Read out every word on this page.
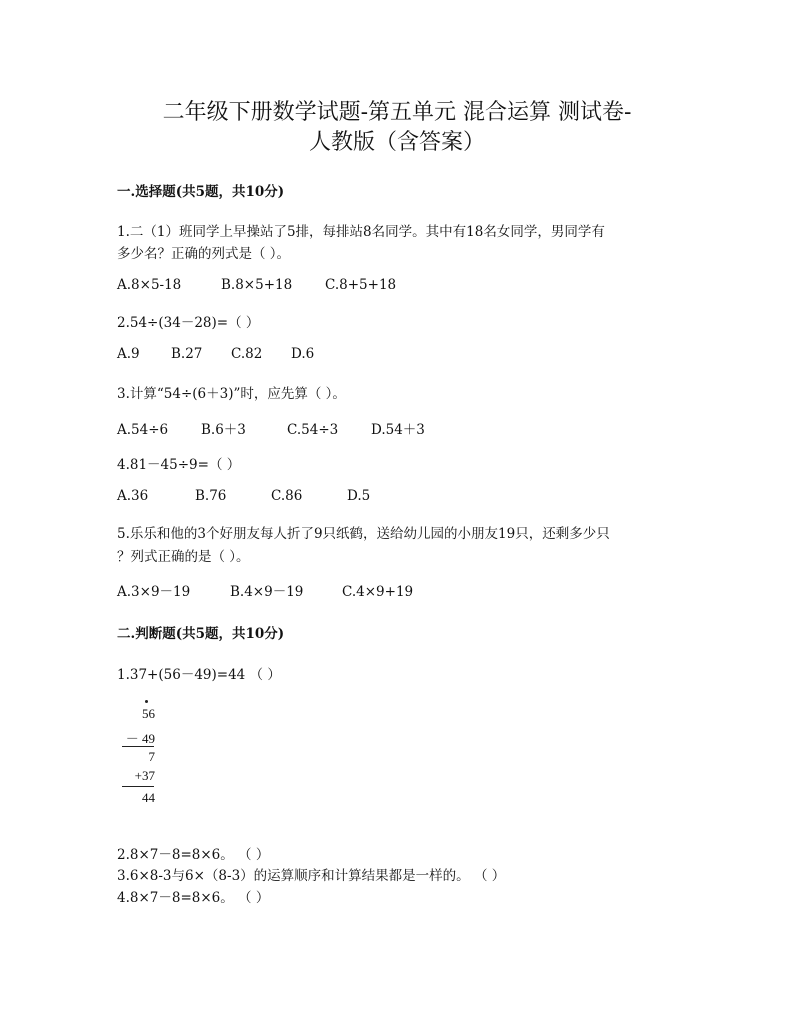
二年级下册数学试题-第五单元 混合运算 测试卷-
人教版（含答案）
一.选择题(共5题，共10分)
1.二（1）班同学上早操站了5排，每排站8名同学。其中有18名女同学，男同学有
多少名？正确的列式是（ ）。
A.8×5-18	B.8×5+18 C.8+5+18
2.54÷(34－28)=（ ）
A.9 B.27 C.82 D.6
3.计算“54÷(6＋3)”时，应先算（ ）。
A.54÷6 B.6＋3	C.54÷3 D.54＋3
4.81－45÷9=（ ）
A.36	B.76	C.86	D.5
5.乐乐和他的3个好朋友每人折了9只纸鹤，送给幼儿园的小朋友19只，还剩多少只
？列式正确的是（ ）。
A.3×9－19	B.4×9－19	C.4×9+19
二.判断题(共5题，共10分)
1.37+(56－49)=44 （ ）
56
－ 49
7
+37
44
2.8×7－8=8×6。 （ ）
3.6×8-3与6×（8-3）的运算顺序和计算结果都是一样的。 （ ）
4.8×7－8=8×6。 （ ）
